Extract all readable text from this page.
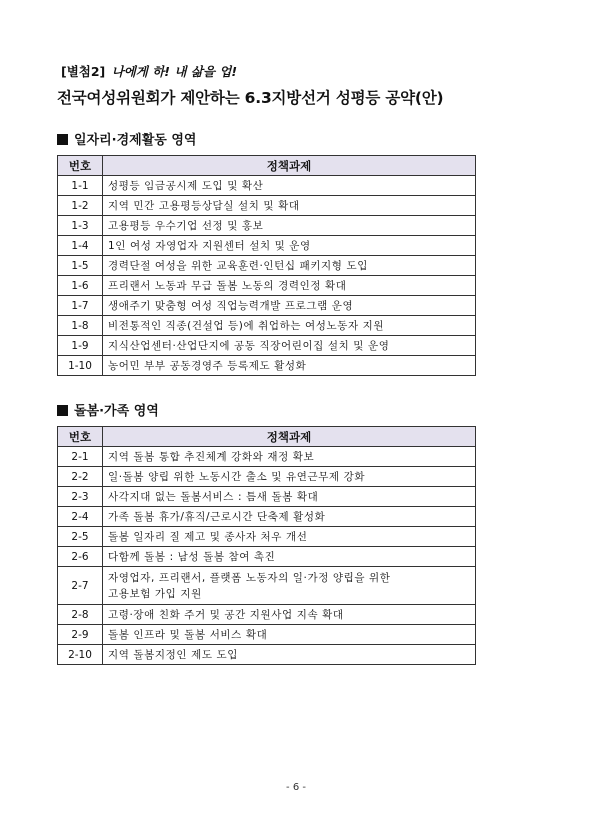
[별첨2] 나에게 하! 내 삶을 업!
전국여성위원회가 제안하는 6.3지방선거 성평등 공약(안)
일자리·경제활동 영역
번호	정책과제
1-1	성평등 임금공시제 도입 및 확산
1-2	지역 민간 고용평등상담실 설치 및 확대
1-3	고용평등 우수기업 선정 및 홍보
1-4	1인 여성 자영업자 지원센터 설치 및 운영
1-5	경력단절 여성을 위한 교육훈련·인턴십 패키지형 도입
1-6	프리랜서 노동과 무급 돌봄 노동의 경력인정 확대
1-7	생애주기 맞춤형 여성 직업능력개발 프로그램 운영
1-8	비전통적인 직종(건설업 등)에 취업하는 여성노동자 지원
1-9	지식산업센터·산업단지에 공동 직장어린이집 설치 및 운영
1-10	농어민 부부 공동경영주 등록제도 활성화
돌봄·가족 영역
번호	정책과제
2-1	지역 돌봄 통합 추진체계 강화와 재정 확보
2-2	일·돌봄 양립 위한 노동시간 출소 및 유연근무제 강화
2-3	사각지대 없는 돌봄서비스 : 틈새 돌봄 확대
2-4	가족 돌봄 휴가/휴직/근로시간 단축제 활성화
2-5	돌봄 일자리 질 제고 및 종사자 처우 개선
2-6	다함께 돌봄 : 남성 돌봄 참여 촉진
2-7	자영업자, 프리랜서, 플랫폼 노동자의 일·가정 양립을 위한
고용보험 가입 지원

2-8	고령·장애 친화 주거 및 공간 지원사업 지속 확대
2-9	돌봄 인프라 및 돌봄 서비스 확대
2-10	지역 돌봄지정인 제도 도입
- 6 -
